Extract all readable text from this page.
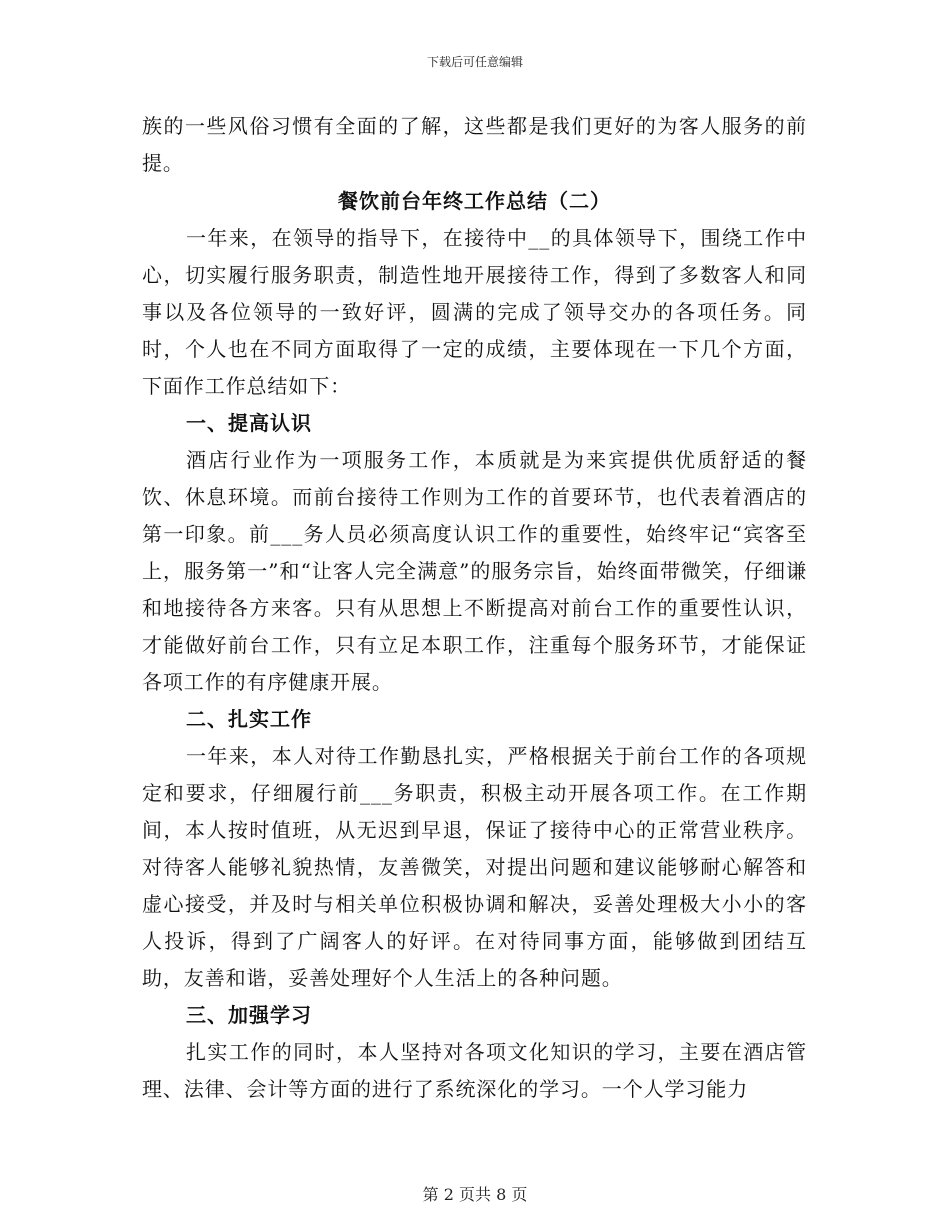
下载后可任意编辑

族的一些风俗习惯有全面的了解，这些都是我们更好的为客人服务的前提。

餐饮前台年终工作总结（二）

一年来，在领导的指导下，在接待中__的具体领导下，围绕工作中心，切实履行服务职责，制造性地开展接待工作，得到了多数客人和同事以及各位领导的一致好评，圆满的完成了领导交办的各项任务。同时，个人也在不同方面取得了一定的成绩，主要体现在一下几个方面，下面作工作总结如下：

一、提高认识

酒店行业作为一项服务工作，本质就是为来宾提供优质舒适的餐饮、休息环境。而前台接待工作则为工作的首要环节，也代表着酒店的第一印象。前___务人员必须高度认识工作的重要性，始终牢记“宾客至上，服务第一”和“让客人完全满意”的服务宗旨，始终面带微笑，仔细谦和地接待各方来客。只有从思想上不断提高对前台工作的重要性认识，才能做好前台工作，只有立足本职工作，注重每个服务环节，才能保证各项工作的有序健康开展。

二、扎实工作

一年来，本人对待工作勤恳扎实，严格根据关于前台工作的各项规定和要求，仔细履行前___务职责，积极主动开展各项工作。在工作期间，本人按时值班，从无迟到早退，保证了接待中心的正常营业秩序。对待客人能够礼貌热情，友善微笑，对提出问题和建议能够耐心解答和虚心接受，并及时与相关单位积极协调和解决，妥善处理极大小小的客人投诉，得到了广阔客人的好评。在对待同事方面，能够做到团结互助，友善和谐，妥善处理好个人生活上的各种问题。

三、加强学习

扎实工作的同时，本人坚持对各项文化知识的学习，主要在酒店管理、法律、会计等方面的进行了系统深化的学习。一个人学习能力

第 2 页共 8 页
